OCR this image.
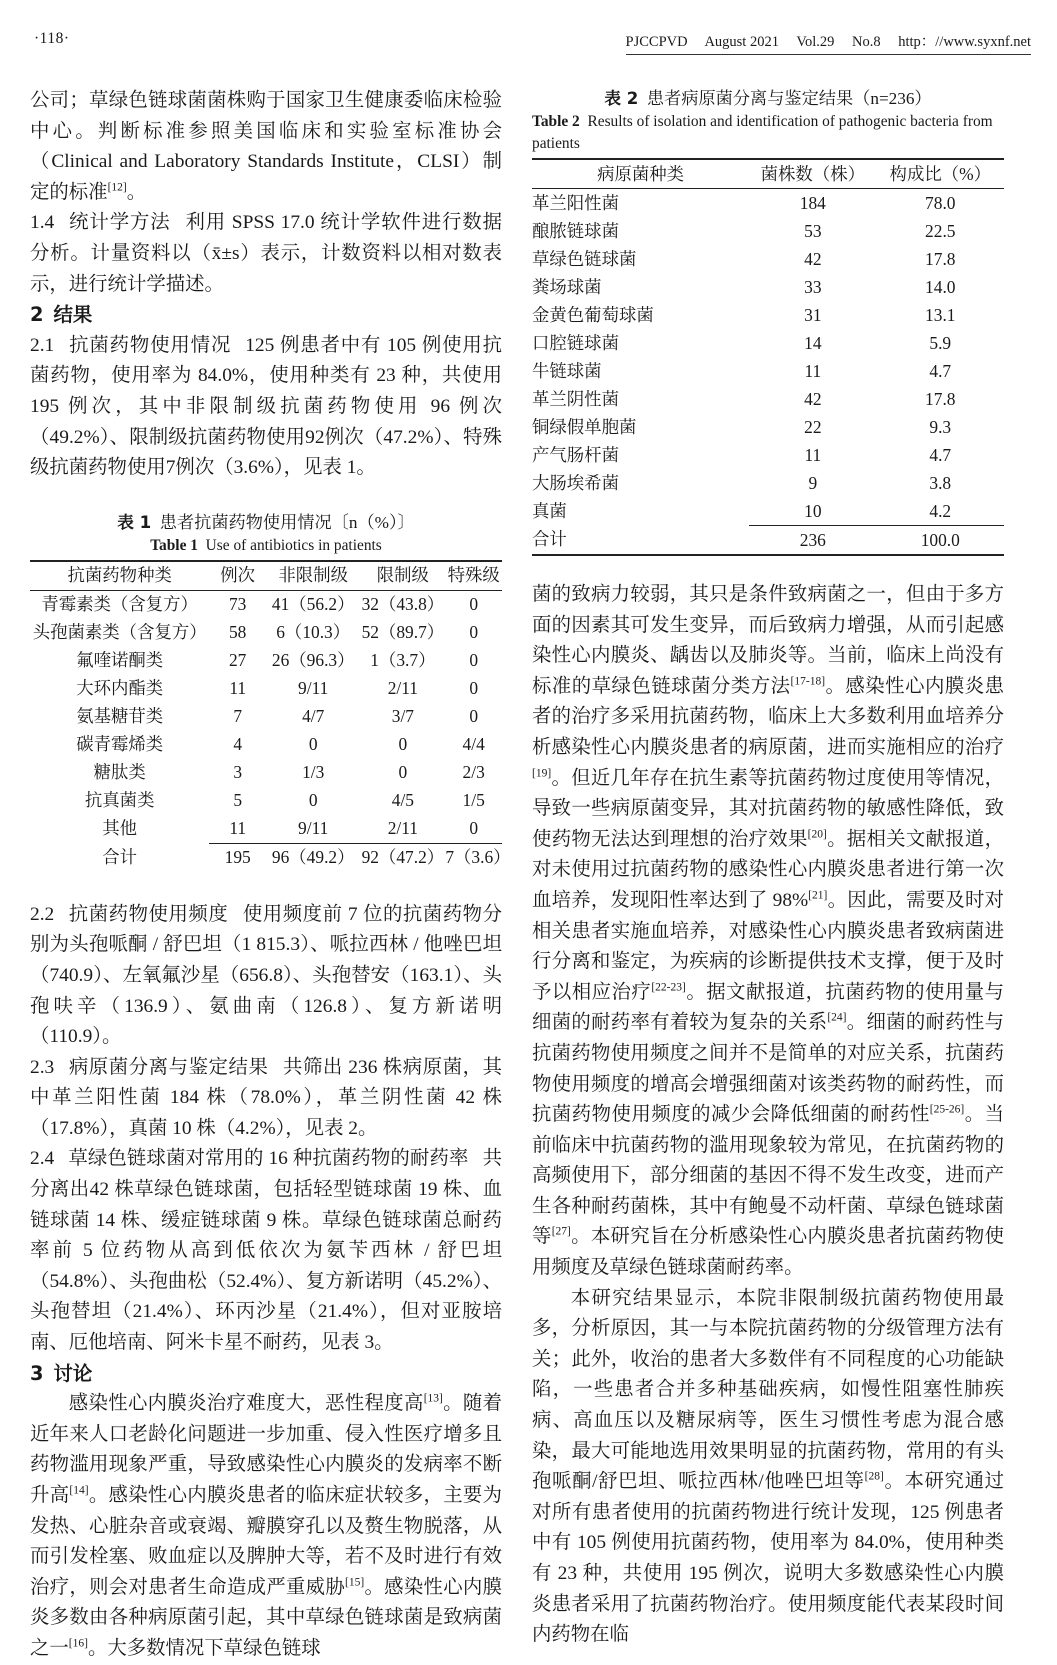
·118·	PJCCPVD August 2021 Vol.29 No.8 http：//www.syxnf.net

公司；草绿色链球菌菌株购于国家卫生健康委临床检验中心。判断标准参照美国临床和实验室标准协会（Clinical and Laboratory Standards Institute，CLSI）制定的标准[12]。

1.4 统计学方法 利用 SPSS 17.0 统计学软件进行数据分析。计量资料以（x̄±s）表示，计数资料以相对数表示，进行统计学描述。

2 结果

2.1 抗菌药物使用情况 125 例患者中有 105 例使用抗菌药物，使用率为 84.0%，使用种类有 23 种，共使用 195 例次，其中非限制级抗菌药物使用 96 例次（49.2%）、限制级抗菌药物使用92例次（47.2%）、特殊级抗菌药物使用7例次（3.6%），见表 1。

表 1 患者抗菌药物使用情况〔n（%）〕

Table 1 Use of antibiotics in patients

抗菌药物种类	例次	非限制级	限制级	特殊级
青霉素类（含复方）	73	41（56.2）	32（43.8）	0
头孢菌素类（含复方）	58	6（10.3）	52（89.7）	0
氟喹诺酮类	27	26（96.3）	1（3.7）	0
大环内酯类	11	9/11	2/11	0
氨基糖苷类	7	4/7	3/7	0
碳青霉烯类	4	0	0	4/4
糖肽类	3	1/3	0	2/3
抗真菌类	5	0	4/5	1/5
其他	11	9/11	2/11	0
合计	195	96（49.2）	92（47.2）	7（3.6）

2.2 抗菌药物使用频度 使用频度前 7 位的抗菌药物分别为头孢哌酮 / 舒巴坦（1 815.3）、哌拉西林 / 他唑巴坦（740.9）、左氧氟沙星（656.8）、头孢替安（163.1）、头孢呋辛（136.9）、氨曲南（126.8）、复方新诺明（110.9）。

2.3 病原菌分离与鉴定结果 共筛出 236 株病原菌，其中革兰阳性菌 184 株（78.0%），革兰阴性菌 42 株（17.8%），真菌 10 株（4.2%），见表 2。

2.4 草绿色链球菌对常用的 16 种抗菌药物的耐药率 共分离出42 株草绿色链球菌，包括轻型链球菌 19 株、血链球菌 14 株、缓症链球菌 9 株。草绿色链球菌总耐药率前 5 位药物从高到低依次为氨苄西林 / 舒巴坦（54.8%）、头孢曲松（52.4%）、复方新诺明（45.2%）、头孢替坦（21.4%）、环丙沙星（21.4%），但对亚胺培南、厄他培南、阿米卡星不耐药，见表 3。

3 讨论

感染性心内膜炎治疗难度大，恶性程度高[13]。随着近年来人口老龄化问题进一步加重、侵入性医疗增多且药物滥用现象严重，导致感染性心内膜炎的发病率不断升高[14]。感染性心内膜炎患者的临床症状较多，主要为发热、心脏杂音或衰竭、瓣膜穿孔以及赘生物脱落，从而引发栓塞、败血症以及脾肿大等，若不及时进行有效治疗，则会对患者生命造成严重威胁[15]。感染性心内膜炎多数由各种病原菌引起，其中草绿色链球菌是致病菌之一[16]。大多数情况下草绿色链球

表 2 患者病原菌分离与鉴定结果（n=236）

Table 2 Results of isolation and identification of pathogenic bacteria from patients

病原菌种类	菌株数（株）	构成比（%）
革兰阳性菌	184	78.0
酿脓链球菌	53	22.5
草绿色链球菌	42	17.8
粪场球菌	33	14.0
金黄色葡萄球菌	31	13.1
口腔链球菌	14	5.9
牛链球菌	11	4.7
革兰阴性菌	42	17.8
铜绿假单胞菌	22	9.3
产气肠杆菌	11	4.7
大肠埃希菌	9	3.8
真菌	10	4.2
合计	236	100.0

菌的致病力较弱，其只是条件致病菌之一，但由于多方面的因素其可发生变异，而后致病力增强，从而引起感染性心内膜炎、龋齿以及肺炎等。当前，临床上尚没有标准的草绿色链球菌分类方法[17-18]。感染性心内膜炎患者的治疗多采用抗菌药物，临床上大多数利用血培养分析感染性心内膜炎患者的病原菌，进而实施相应的治疗[19]。但近几年存在抗生素等抗菌药物过度使用等情况，导致一些病原菌变异，其对抗菌药物的敏感性降低，致使药物无法达到理想的治疗效果[20]。据相关文献报道，对未使用过抗菌药物的感染性心内膜炎患者进行第一次血培养，发现阳性率达到了 98%[21]。因此，需要及时对相关患者实施血培养，对感染性心内膜炎患者致病菌进行分离和鉴定，为疾病的诊断提供技术支撑，便于及时予以相应治疗[22-23]。据文献报道，抗菌药物的使用量与细菌的耐药率有着较为复杂的关系[24]。细菌的耐药性与抗菌药物使用频度之间并不是简单的对应关系，抗菌药物使用频度的增高会增强细菌对该类药物的耐药性，而抗菌药物使用频度的减少会降低细菌的耐药性[25-26]。当前临床中抗菌药物的滥用现象较为常见，在抗菌药物的高频使用下，部分细菌的基因不得不发生改变，进而产生各种耐药菌株，其中有鲍曼不动杆菌、草绿色链球菌等[27]。本研究旨在分析感染性心内膜炎患者抗菌药物使用频度及草绿色链球菌耐药率。

本研究结果显示，本院非限制级抗菌药物使用最多，分析原因，其一与本院抗菌药物的分级管理方法有关；此外，收治的患者大多数伴有不同程度的心功能缺陷，一些患者合并多种基础疾病，如慢性阻塞性肺疾病、高血压以及糖尿病等，医生习惯性考虑为混合感染，最大可能地选用效果明显的抗菌药物，常用的有头孢哌酮/舒巴坦、哌拉西林/他唑巴坦等[28]。本研究通过对所有患者使用的抗菌药物进行统计发现，125 例患者中有 105 例使用抗菌药物，使用率为 84.0%，使用种类有 23 种，共使用 195 例次，说明大多数感染性心内膜炎患者采用了抗菌药物治疗。使用频度能代表某段时间内药物在临
